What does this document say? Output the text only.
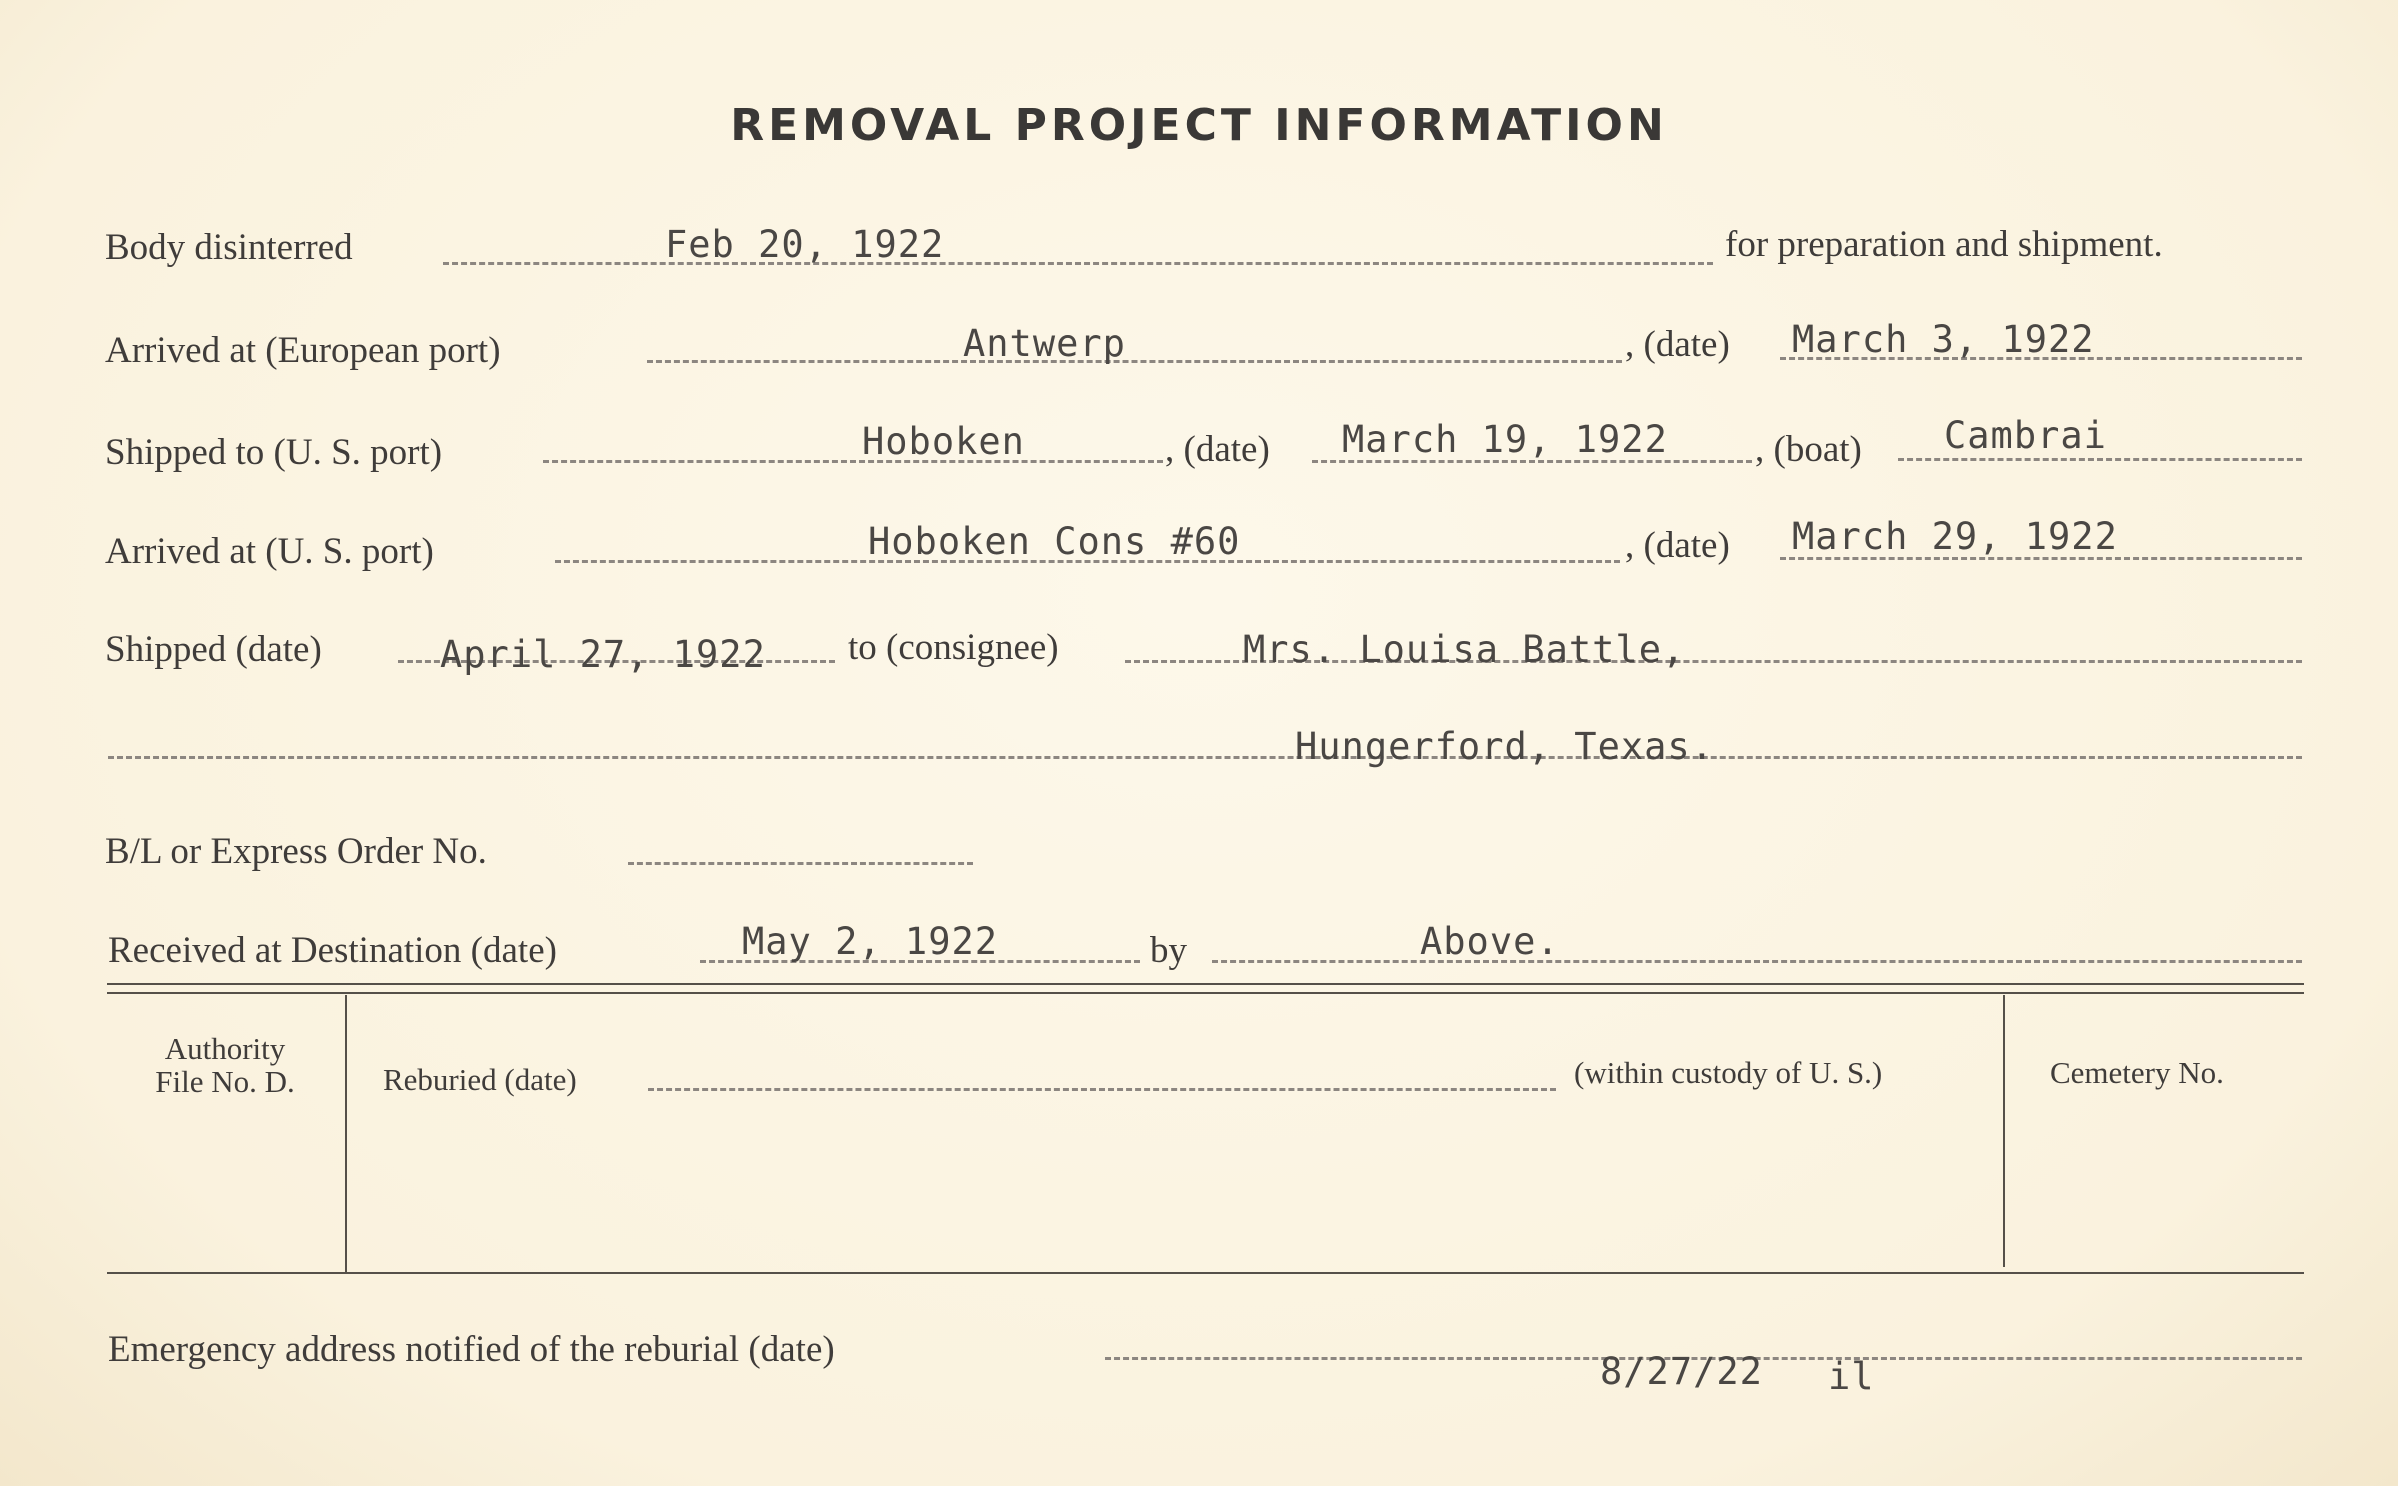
REMOVAL PROJECT INFORMATION
Body disinterred	Feb 20, 1922	for preparation and shipment.
Arrived at (European port)	Antwerp	, (date) March 3, 1922
Shipped to (U. S. port)	Hoboken	, (date) March 19, 1922 , (boat) Cambrai
Arrived at (U. S. port)	Hoboken Cons #60	, (date) March 29, 1922
Shipped (date)	April 27, 1922 to (consignee)	Mrs. Louisa Battle,
Hungerford, Texas.
B/L or Express Order No.
Received at Destination (date)	May 2, 1922	by	Above.
Authority
File No. D.	Reburied (date)	(within custody of U. S.)	Cemetery No.
Emergency address notified of the reburial (date)
8/27/22 il
